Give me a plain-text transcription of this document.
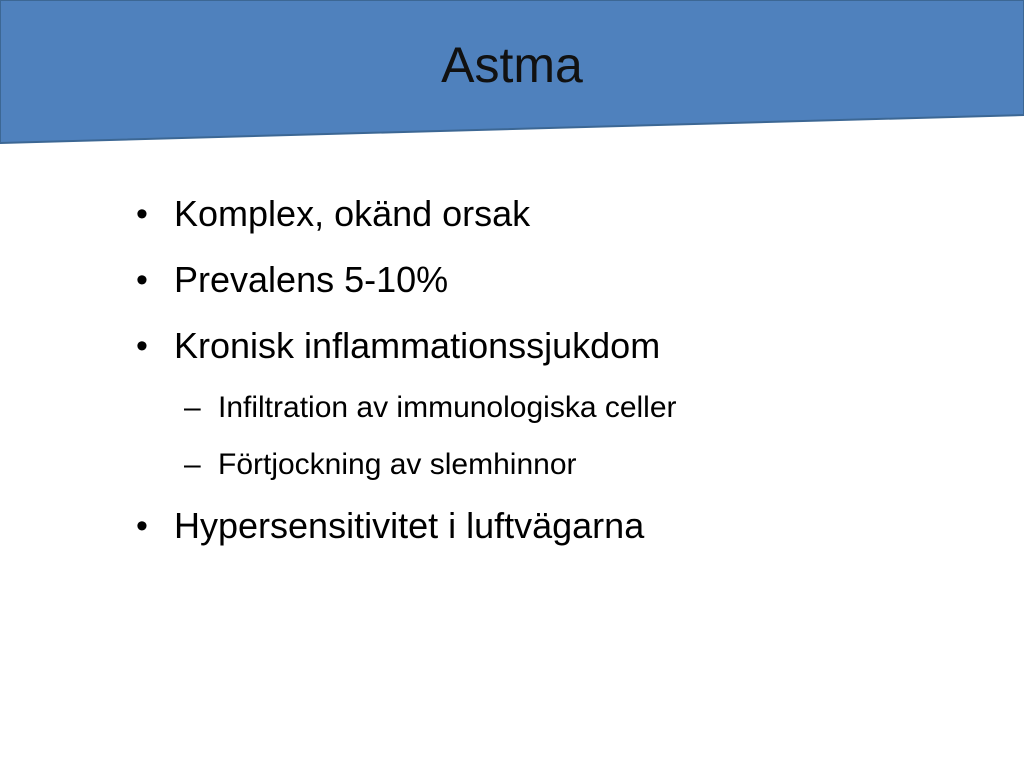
Astma
• Komplex, okänd orsak
• Prevalens 5-10%
• Kronisk inflammationssjukdom
– Infiltration av immunologiska celler
– Förtjockning av slemhinnor
• Hypersensitivitet i luftvägarna
